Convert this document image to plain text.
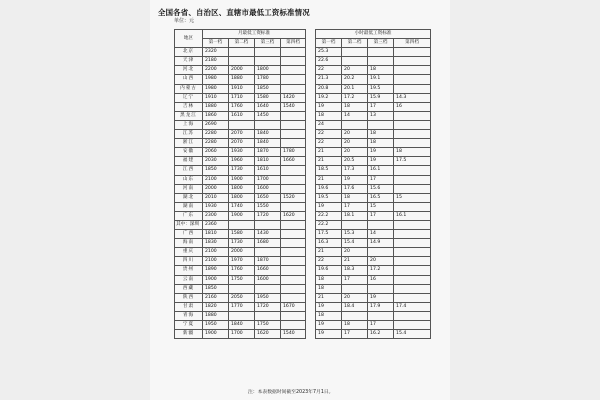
全国各省、自治区、直辖市最低工资标准情况
单位：元
地区	月最低工资标准					小时最低工资标准			
	第一档	第二档	第三档	第四档		第一档	第二档	第三档	第四档
北京	2320					25.3			
天津	2180					22.6			
河北	2200	2000	1800			22	20	18	
山西	1980	1880	1780			21.3	20.2	19.1	
内蒙古	1980	1910	1850			20.8	20.1	19.5	
辽宁	1910	1710	1580	1420		19.2	17.2	15.9	14.3
吉林	1880	1760	1640	1540		19	18	17	16
黑龙江	1860	1610	1450			18	14	13	
上海	2690					24			
江苏	2280	2070	1840			22	20	18	
浙江	2280	2070	1840			22	20	18	
安徽	2060	1930	1870	1780		21	20	19	18
福建	2030	1960	1810	1660		21	20.5	19	17.5
江西	1850	1730	1610			18.5	17.3	16.1	
山东	2100	1900	1700			21	19	17	
河南	2000	1800	1600			19.6	17.6	15.6	
湖北	2010	1800	1650	1520		19.5	18	16.5	15
湖南	1930	1740	1550			19	17	15	
广东	2300	1900	1720	1620		22.2	18.1	17	16.1
其中：深圳	2360					22.2			
广西	1810	1580	1430			17.5	15.3	14	
海南	1830	1730	1680			16.3	15.4	14.9	
重庆	2100	2000				21	20		
四川	2100	1970	1870			22	21	20	
贵州	1890	1760	1660			19.6	18.3	17.2	
云南	1900	1750	1600			18	17	16	
西藏	1850					18			
陕西	2160	2050	1950			21	20	19	
甘肃	1820	1770	1720	1670		19	18.4	17.9	17.4
青海	1880					18			
宁夏	1950	1840	1750			19	18	17	
新疆	1900	1700	1620	1540		19	17	16.2	15.4
注：本表数据时间截至2023年7月1日。
